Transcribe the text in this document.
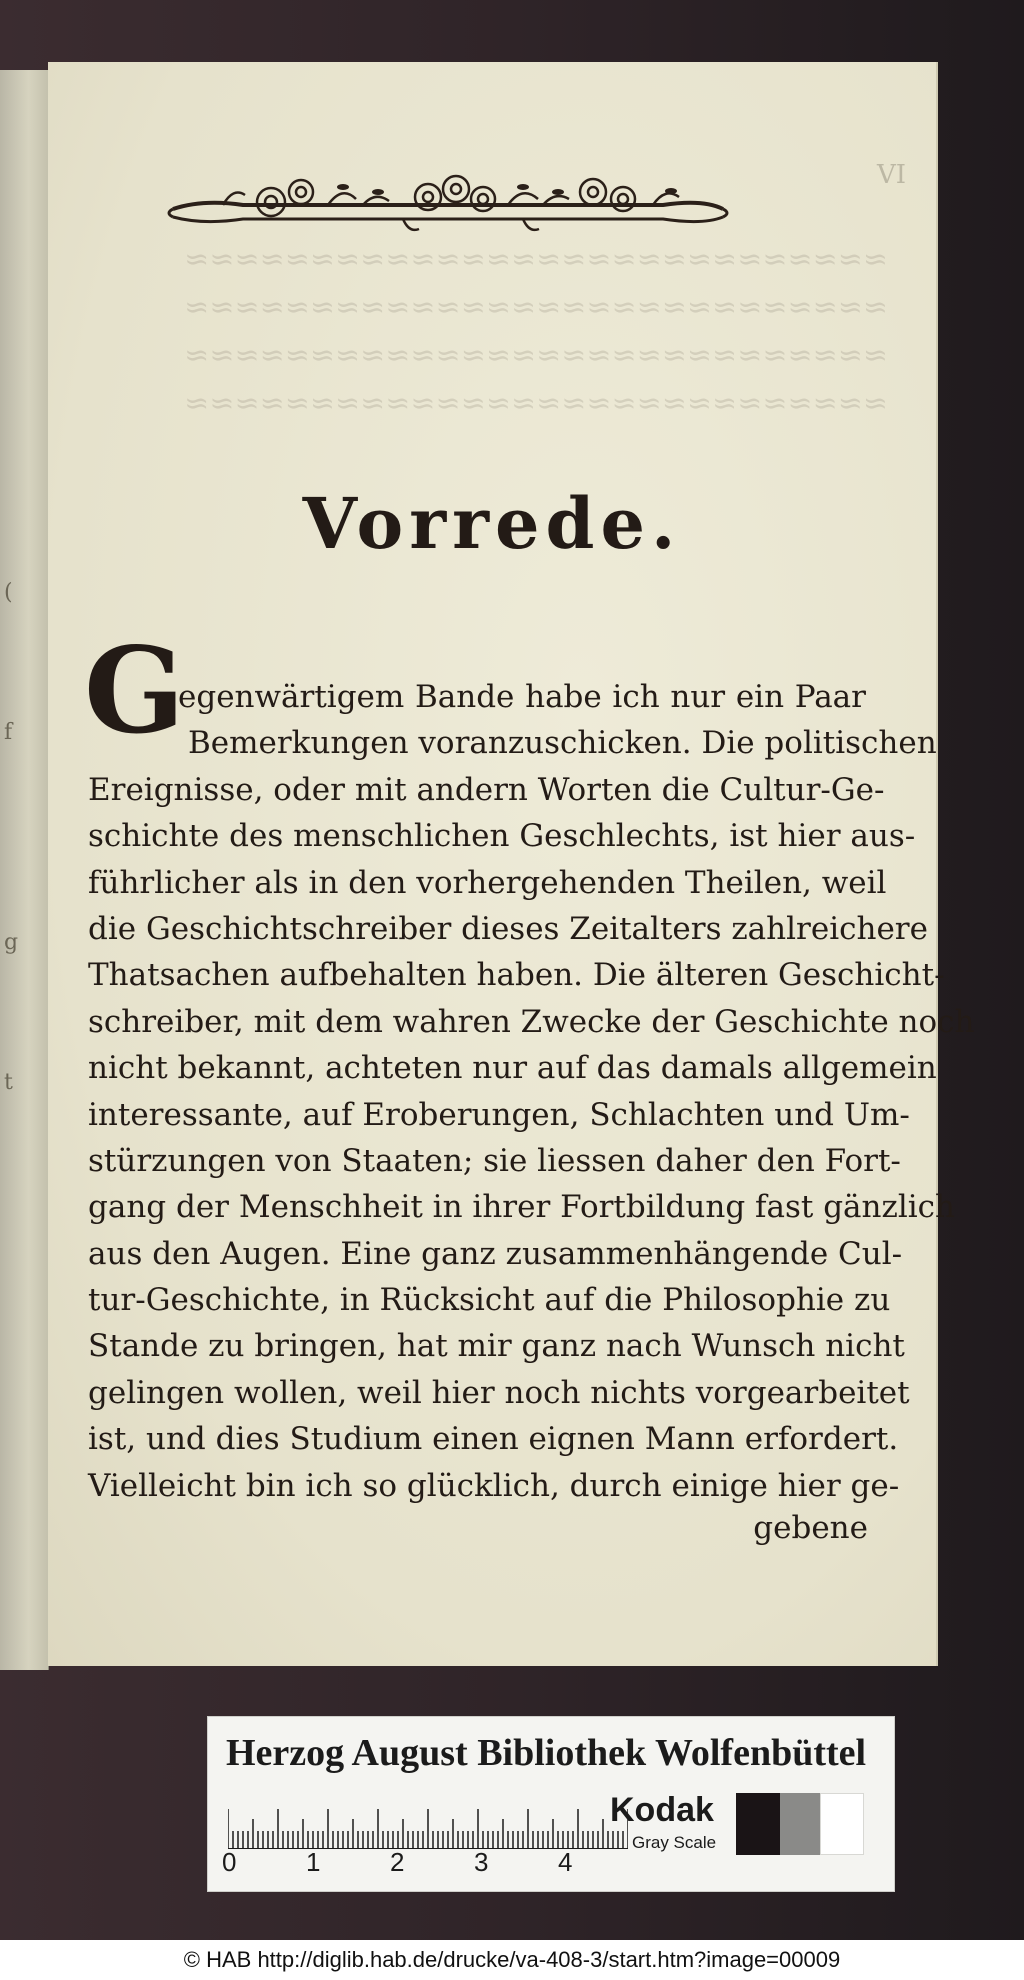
(
f
g
t
VI
≈≈≈≈≈≈≈≈≈≈≈≈≈≈≈≈≈≈≈≈≈≈≈≈≈≈≈≈
≈≈≈≈≈≈≈≈≈≈≈≈≈≈≈≈≈≈≈≈≈≈≈≈≈≈≈≈
≈≈≈≈≈≈≈≈≈≈≈≈≈≈≈≈≈≈≈≈≈≈≈≈≈≈≈≈
≈≈≈≈≈≈≈≈≈≈≈≈≈≈≈≈≈≈≈≈≈≈≈≈≈≈≈≈
Vorrede.
G
egenwärtigem Bande habe ich nur ein Paar
Bemerkungen voranzuschicken. Die politischen
Ereignisse, oder mit andern Worten die Cultur-Ge-
schichte des menschlichen Geschlechts, ist hier aus-
führlicher als in den vorhergehenden Theilen, weil
die Geschichtschreiber dieses Zeitalters zahlreichere
Thatsachen aufbehalten haben. Die älteren Geschicht-
schreiber, mit dem wahren Zwecke der Geschichte noch
nicht bekannt, achteten nur auf das damals allgemein
interessante, auf Eroberungen, Schlachten und Um-
stürzungen von Staaten; sie liessen daher den Fort-
gang der Menschheit in ihrer Fortbildung fast gänzlich
aus den Augen. Eine ganz zusammenhängende Cul-
tur-Geschichte, in Rücksicht auf die Philosophie zu
Stande zu bringen, hat mir ganz nach Wunsch nicht
gelingen wollen, weil hier noch nichts vorgearbeitet
ist, und dies Studium einen eignen Mann erfordert.
Vielleicht bin ich so glücklich, durch einige hier ge-
gebene
Herzog August Bibliothek Wolfenbüttel
0	1	2	3	4
Kodak
Gray Scale
© HAB http://diglib.hab.de/drucke/va-408-3/start.htm?image=00009
